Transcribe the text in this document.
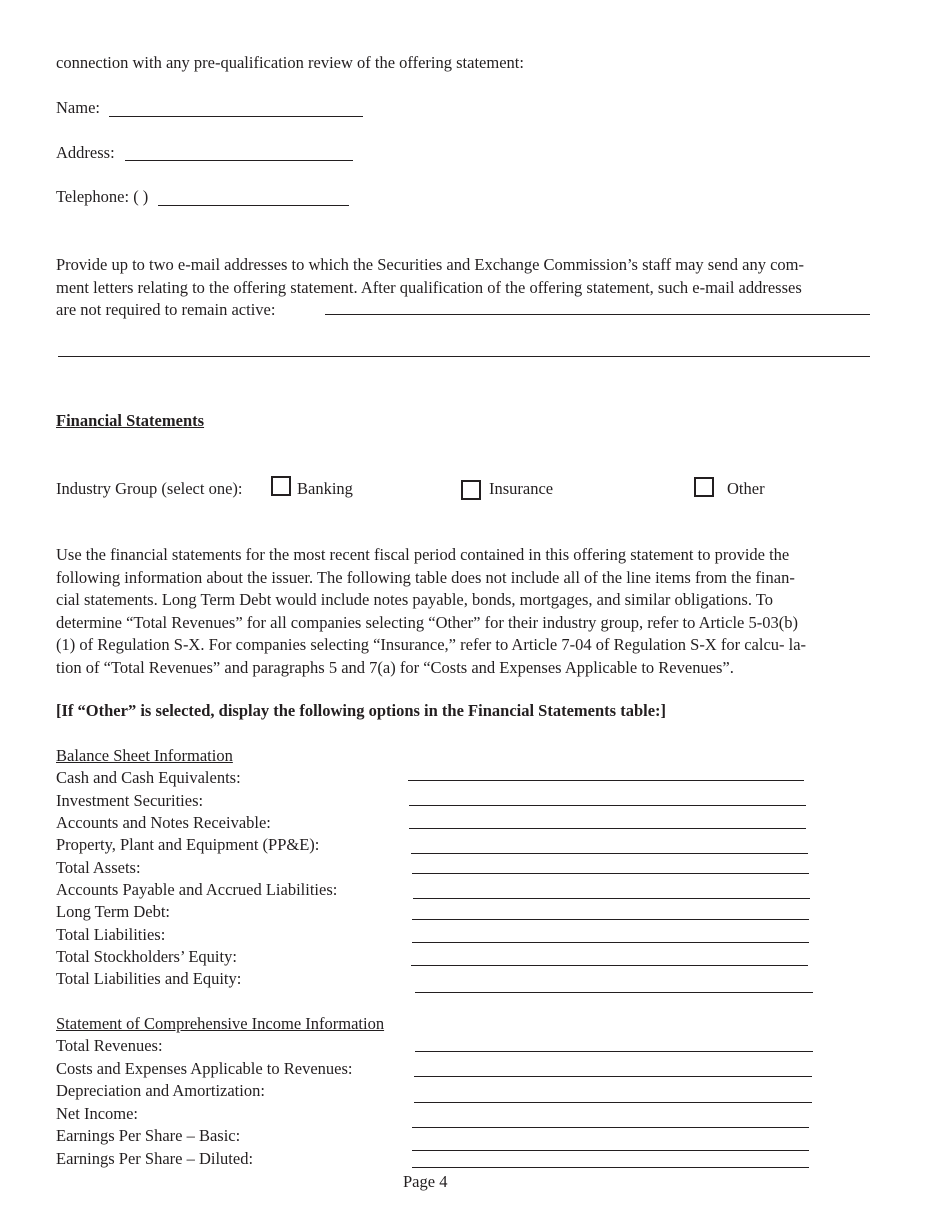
connection with any pre-qualification review of the offering statement:
Name:
Address:
Telephone: ( )
Provide up to two e-mail addresses to which the Securities and Exchange Commission’s staff may send any com-
ment letters relating to the offering statement. After qualification of the offering statement, such e-mail addresses
are not required to remain active:
Financial Statements
Industry Group (select one):	Banking	Insurance	Other
Use the financial statements for the most recent fiscal period contained in this offering statement to provide the
following information about the issuer. The following table does not include all of the line items from the finan-
cial statements. Long Term Debt would include notes payable, bonds, mortgages, and similar obligations. To
determine “Total Revenues” for all companies selecting “Other” for their industry group, refer to Article 5-03(b)
(1) of Regulation S-X. For companies selecting “Insurance,” refer to Article 7-04 of Regulation S-X for calcu- la-
tion of “Total Revenues” and paragraphs 5 and 7(a) for “Costs and Expenses Applicable to Revenues”.
[If “Other” is selected, display the following options in the Financial Statements table:]
Balance Sheet Information
Cash and Cash Equivalents:
Investment Securities:
Accounts and Notes Receivable:
Property, Plant and Equipment (PP&E):
Total Assets:
Accounts Payable and Accrued Liabilities:
Long Term Debt:
Total Liabilities:
Total Stockholders’ Equity:
Total Liabilities and Equity:
Statement of Comprehensive Income Information
Total Revenues:
Costs and Expenses Applicable to Revenues:
Depreciation and Amortization:
Net Income:
Earnings Per Share – Basic:
Earnings Per Share – Diluted:
Page 4
